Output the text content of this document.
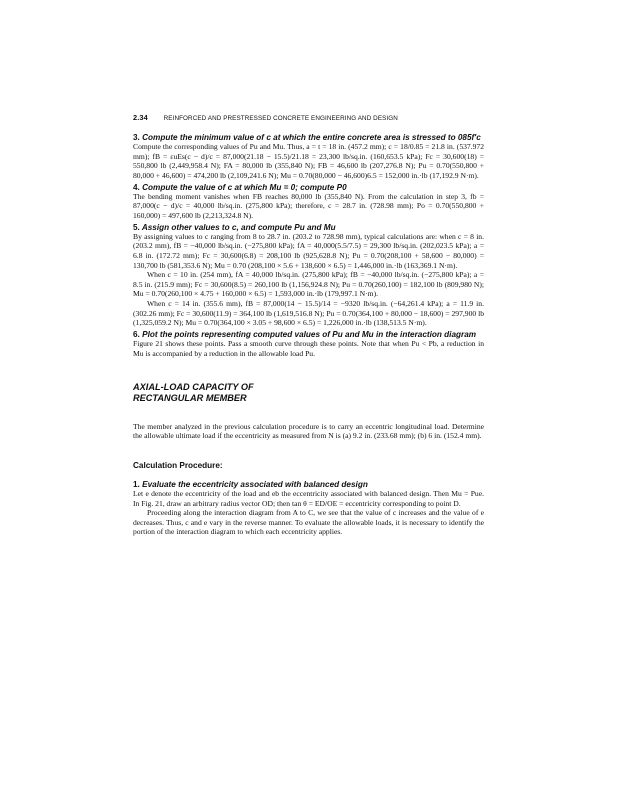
2.34	REINFORCED AND PRESTRESSED CONCRETE ENGINEERING AND DESIGN
3. Compute the minimum value of c at which the entire concrete area is stressed to 085f′c

Compute the corresponding values of Pu and Mu. Thus, a = t = 18 in. (457.2 mm); c = 18/0.85 = 21.8 in. (537.972 mm); fB = εuEs(c − d)/c = 87,000(21.18 − 15.5)/21.18 = 23,300 lb/sq.in. (160,653.5 kPa); Fc = 30,600(18) = 550,800 lb (2,449,958.4 N); FA = 80,000 lb (355,840 N); FB = 46,600 lb (207,276.8 N); Pu = 0.70(550,800 + 80,000 + 46,600) = 474,200 lb (2,109,241.6 N); Mu = 0.70(80,000 − 46,600)6.5 = 152,000 in.·lb (17,192.9 N·m).

4. Compute the value of c at which Mu = 0; compute P0

The bending moment vanishes when FB reaches 80,000 lb (355,840 N). From the calculation in step 3, fb = 87,000(c − d)/c = 40,000 lb/sq.in. (275,800 kPa); therefore, c = 28.7 in. (728.98 mm); Po = 0.70(550,800 + 160,000) = 497,600 lb (2,213,324.8 N).

5. Assign other values to c, and compute Pu and Mu

By assigning values to c ranging from 8 to 28.7 in. (203.2 to 728.98 mm), typical calculations are: when c = 8 in. (203.2 mm), fB = −40,000 lb/sq.in. (−275,800 kPa); fA = 40,000(5.5/7.5) = 29,300 lb/sq.in. (202,023.5 kPa); a = 6.8 in. (172.72 mm); Fc = 30,600(6.8) = 208,100 lb (925,628.8 N); Pu = 0.70(208,100 + 58,600 − 80,000) = 130,700 lb (581,353.6 N); Mu = 0.70 (208,100 × 5.6 + 138,600 × 6.5) = 1,446,000 in.·lb (163,369.1 N·m).

When c = 10 in. (254 mm), fA = 40,000 lb/sq.in. (275,800 kPa); fB = −40,000 lb/sq.in. (−275,800 kPa); a = 8.5 in. (215.9 mm); Fc = 30,600(8.5) = 260,100 lb (1,156,924.8 N); Pu = 0.70(260,100) = 182,100 lb (809,980 N); Mu = 0.70(260,100 × 4.75 + 160,000 × 6.5) = 1,593,000 in.·lb (179,997.1 N·m).

When c = 14 in. (355.6 mm), fB = 87,000(14 − 15.5)/14 = −9320 lb/sq.in. (−64,261.4 kPa); a = 11.9 in. (302.26 mm); Fc = 30,600(11.9) = 364,100 lb (1,619,516.8 N); Pu = 0.70(364,100 + 80,000 − 18,600) = 297,900 lb (1,325,059.2 N); Mu = 0.70(364,100 × 3.05 + 98,600 × 6.5) = 1,226,000 in.·lb (138,513.5 N·m).

6. Plot the points representing computed values of Pu and Mu in the interaction diagram

Figure 21 shows these points. Pass a smooth curve through these points. Note that when Pu < Pb, a reduction in Mu is accompanied by a reduction in the allowable load Pu.

AXIAL-LOAD CAPACITY OF
RECTANGULAR MEMBER

The member analyzed in the previous calculation procedure is to carry an eccentric longitudinal load. Determine the allowable ultimate load if the eccentricity as measured from N is (a) 9.2 in. (233.68 mm); (b) 6 in. (152.4 mm).

Calculation Procedure:
1. Evaluate the eccentricity associated with balanced design

Let e denote the eccentricity of the load and eb the eccentricity associated with balanced design. Then Mu = Pue. In Fig. 21, draw an arbitrary radius vector OD; then tan θ = ED/OE = eccentricity corresponding to point D.

Proceeding along the interaction diagram from A to C, we see that the value of c increases and the value of e decreases. Thus, c and e vary in the reverse manner. To evaluate the allowable loads, it is necessary to identify the portion of the interaction diagram to which each eccentricity applies.
